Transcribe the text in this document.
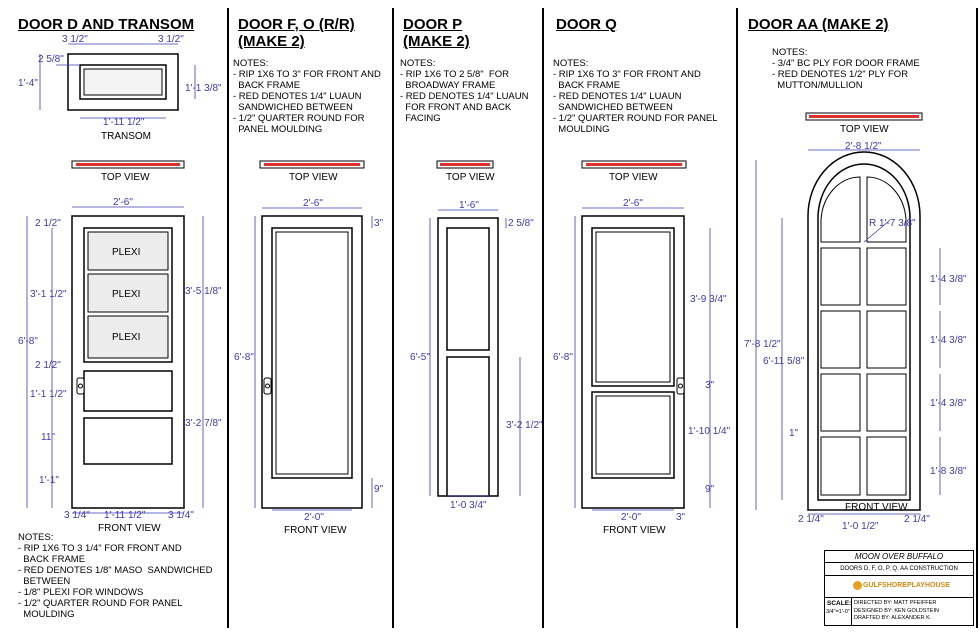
DOOR D AND TRANSOM	DOOR F, O (R/R)
(MAKE 2)
DOOR P
(MAKE 2)
DOOR Q	DOOR AA (MAKE 2)
NOTES:
- RIP 1X6 TO 3 1/4" FOR FRONT AND
BACK FRAME
- RED DENOTES 1/8" MASO  SANDWICHED
BETWEEN
- 1/8" PLEXI FOR WINDOWS
- 1/2" QUARTER ROUND FOR PANEL
MOULDING
NOTES:
- RIP 1X6 TO 3" FOR FRONT AND
BACK FRAME
- RED DENOTES 1/4" LUAUN
SANDWICHED BETWEEN
- 1/2" QUARTER ROUND FOR
PANEL MOULDING
NOTES:
- RIP 1X6 TO 2 5/8"  FOR
BROADWAY FRAME
- RED DENOTES 1/4" LUAUN
FOR FRONT AND BACK
FACING
NOTES:
- RIP 1X6 TO 3" FOR FRONT AND
BACK FRAME
- RED DENOTES 1/4" LUAUN
SANDWICHED BETWEEN
- 1/2" QUARTER ROUND FOR PANEL
MOULDING
NOTES:
- 3/4" BC PLY FOR DOOR FRAME
- RED DENOTES 1/2" PLY FOR
MUTTON/MULLION
TRANSOM
3 1/2"	3 1/2"
2 5/8"
1'-4"	1'-1 3/8"
1'-11 1/2"
TOP VIEW
PLEXI
PLEXI
PLEXI
2'-6"
2 1/2"
3'-1 1/2"	3'-5 1/8"
6'-8"
2 1/2"
1'-1 1/2"
11"
3'-2 7/8"
1'-1"
3 1/4" 1'-11 1/2" 3 1/4"
FRONT VIEW
TOP VIEW
2'-6"
3"
6'-8"
9"
2'-0"
FRONT VIEW
TOP VIEW
1'-6"
2 5/8"
6'-5"
3'-2 1/2"
1'-0 3/4"
TOP VIEW
2'-6"
6'-8"
3'-9 3/4"
3"
1'-10 1/4"
9"
2'-0"	3"
FRONT VIEW
TOP VIEW
2'-8 1/2"
R 1'-7 3/8"
1'-4 3/8"
1'-4 3/8"
1'-4 3/8"
1'-8 3/8"
7'-8 1/2"
6'-11 5/8"
1"
2 1/4"	2 1/4"
1'-0 1/2"
FRONT VIEW
MOON OVER BUFFALO
DOORS D, F, O, P, Q, AA CONSTRUCTION
GULFSHOREPLAYHOUSE
SCALE:
3/4"=1'-0"
DIRECTED BY: MATT PFEIFFER
DESIGNED BY: KEN GOLDSTEIN
DRAFTED BY: ALEXANDER K.
